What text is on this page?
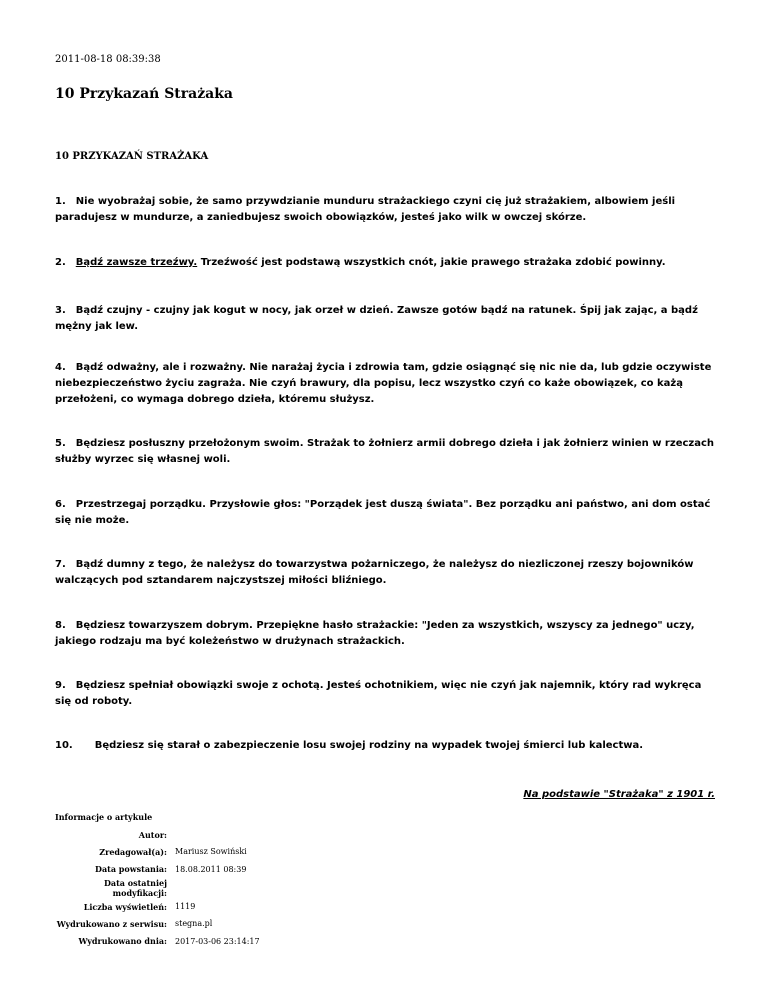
2011-08-18 08:39:38
10 Przykazań Strażaka
10 PRZYKAZAŃ STRAŻAKA
1. Nie wyobrażaj sobie, że samo przywdzianie munduru strażackiego czyni cię już strażakiem, albowiem jeśli paradujesz w mundurze, a zaniedbujesz swoich obowiązków, jesteś jako wilk w owczej skórze.
2. Bądź zawsze trzeźwy. Trzeźwość jest podstawą wszystkich cnót, jakie prawego strażaka zdobić powinny.
3. Bądź czujny - czujny jak kogut w nocy, jak orzeł w dzień. Zawsze gotów bądź na ratunek. Śpij jak zając, a bądź mężny jak lew.
4. Bądź odważny, ale i rozważny. Nie narażaj życia i zdrowia tam, gdzie osiągnąć się nic nie da, lub gdzie oczywiste niebezpieczeństwo życiu zagraża. Nie czyń brawury, dla popisu, lecz wszystko czyń co każe obowiązek, co każą przełożeni, co wymaga dobrego dzieła, któremu służysz.
5. Będziesz posłuszny przełożonym swoim. Strażak to żołnierz armii dobrego dzieła i jak żołnierz winien w rzeczach służby wyrzec się własnej woli.
6. Przestrzegaj porządku. Przysłowie głos: "Porządek jest duszą świata". Bez porządku ani państwo, ani dom ostać się nie może.
7. Bądź dumny z tego, że należysz do towarzystwa pożarniczego, że należysz do niezliczonej rzeszy bojowników walczących pod sztandarem najczystszej miłości bliźniego.
8. Będziesz towarzyszem dobrym. Przepiękne hasło strażackie: "Jeden za wszystkich, wszyscy za jednego" uczy, jakiego rodzaju ma być koleżeństwo w drużynach strażackich.
9. Będziesz spełniał obowiązki swoje z ochotą. Jesteś ochotnikiem, więc nie czyń jak najemnik, który rad wykręca się od roboty.
10. Będziesz się starał o zabezpieczenie losu swojej rodziny na wypadek twojej śmierci lub kalectwa.
Na podstawie "Strażaka" z 1901 r.
Informacje o artykule
Autor:	
Zredagował(a):	Mariusz Sowiński
Data powstania:	18.08.2011 08:39
Data ostatniej modyfikacji:	
Liczba wyświetleń:	1119
Wydrukowano z serwisu:	stegna.pl
Wydrukowano dnia:	2017-03-06 23:14:17
